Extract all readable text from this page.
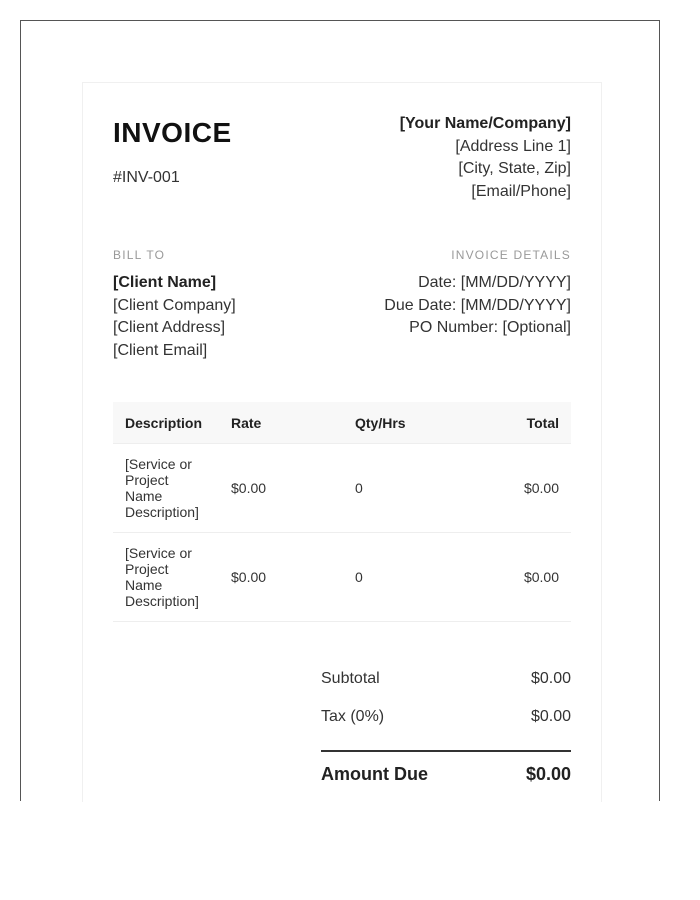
INVOICE
#INV-001
[Your Name/Company]
[Address Line 1]
[City, State, Zip]
[Email/Phone]
BILL TO
[Client Name]
[Client Company]
[Client Address]
[Client Email]
INVOICE DETAILS
Date: [MM/DD/YYYY]
Due Date: [MM/DD/YYYY]
PO Number: [Optional]
Description	Rate	Qty/Hrs	Total
[Service or Project Name Description]	$0.00	0	$0.00
[Service or Project Name Description]	$0.00	0	$0.00
Subtotal	$0.00
Tax (0%)	$0.00
Amount Due	$0.00
